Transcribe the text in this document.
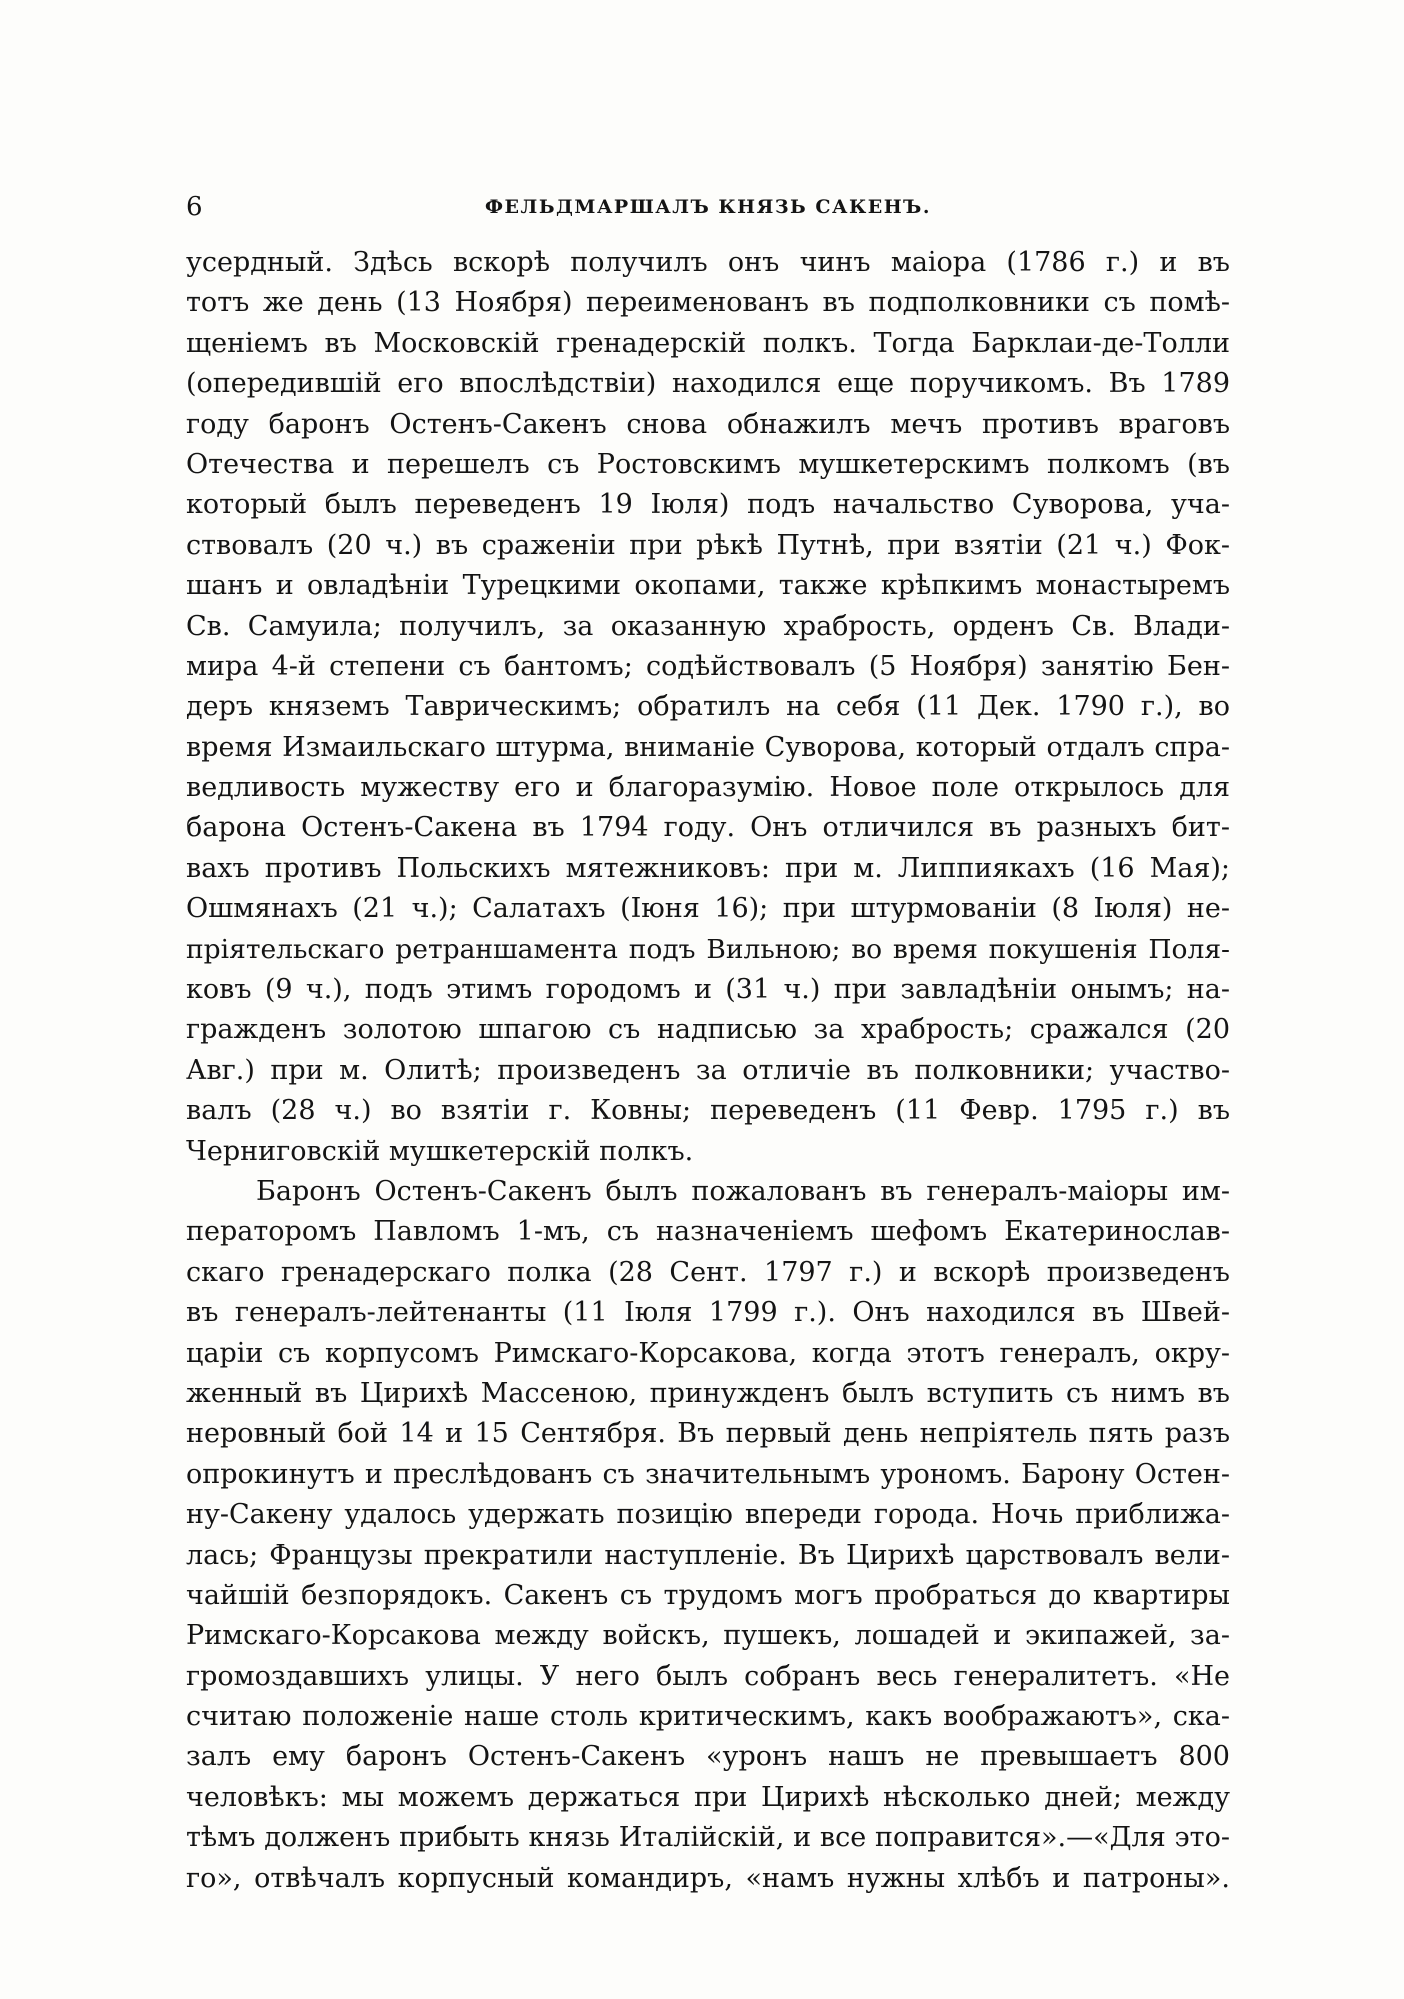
6	ФЕЛЬДМАРШАЛЪ КНЯЗЬ САКЕНЪ.
усердный. Здѣсь вскорѣ получилъ онъ чинъ маіора (1786 г.) и въ
тотъ же день (13 Ноября) переименованъ въ подполковники съ помѣ-
щеніемъ въ Московскій гренадерскій полкъ. Тогда Барклаи-де-Толли
(опередившій его впослѣдствіи) находился еще поручикомъ. Въ 1789
году баронъ Остенъ-Сакенъ снова обнажилъ мечъ противъ враговъ
Отечества и перешелъ съ Ростовскимъ мушкетерскимъ полкомъ (въ
который былъ переведенъ 19 Іюля) подъ начальство Суворова, уча-
ствовалъ (20 ч.) въ сраженіи при рѣкѣ Путнѣ, при взятіи (21 ч.) Фок-
шанъ и овладѣніи Турецкими окопами, также крѣпкимъ монастыремъ
Св. Самуила; получилъ, за оказанную храбрость, орденъ Св. Влади-
мира 4-й степени съ бантомъ; содѣйствовалъ (5 Ноября) занятію Бен-
деръ княземъ Таврическимъ; обратилъ на себя (11 Дек. 1790 г.), во
время Измаильскаго штурма, вниманіе Суворова, который отдалъ спра-
ведливость мужеству его и благоразумію. Новое поле открылось для
барона Остенъ-Сакена въ 1794 году. Онъ отличился въ разныхъ бит-
вахъ противъ Польскихъ мятежниковъ: при м. Липпиякахъ (16 Мая);
Ошмянахъ (21 ч.); Салатахъ (Іюня 16); при штурмованіи (8 Іюля) не-
пріятельскаго ретраншамента подъ Вильною; во время покушенія Поля-
ковъ (9 ч.), подъ этимъ городомъ и (31 ч.) при завладѣніи онымъ; на-
гражденъ золотою шпагою съ надписью за храбрость; сражался (20
Авг.) при м. Олитѣ; произведенъ за отличіе въ полковники; участво-
валъ (28 ч.) во взятіи г. Ковны; переведенъ (11 Февр. 1795 г.) въ
Черниговскій мушкетерскій полкъ.
Баронъ Остенъ-Сакенъ былъ пожалованъ въ генералъ-маіоры им-
ператоромъ Павломъ 1-мъ, съ назначеніемъ шефомъ Екатеринослав-
скаго гренадерскаго полка (28 Сент. 1797 г.) и вскорѣ произведенъ
въ генералъ-лейтенанты (11 Іюля 1799 г.). Онъ находился въ Швей-
царіи съ корпусомъ Римскаго-Корсакова, когда этотъ генералъ, окру-
женный въ Цирихѣ Массеною, принужденъ былъ вступить съ нимъ въ
неровный бой 14 и 15 Сентября. Въ первый день непріятель пять разъ
опрокинутъ и преслѣдованъ съ значительнымъ урономъ. Барону Остен-
ну-Сакену удалось удержать позицію впереди города. Ночь приближа-
лась; Французы прекратили наступленіе. Въ Цирихѣ царствовалъ вели-
чайшій безпорядокъ. Сакенъ съ трудомъ могъ пробраться до квартиры
Римскаго-Корсакова между войскъ, пушекъ, лошадей и экипажей, за-
громоздавшихъ улицы. У него былъ собранъ весь генералитетъ. «Не
считаю положеніе наше столь критическимъ, какъ воображаютъ», ска-
залъ ему баронъ Остенъ-Сакенъ «уронъ нашъ не превышаетъ 800
человѣкъ: мы можемъ держаться при Цирихѣ нѣсколько дней; между
тѣмъ долженъ прибыть князь Италійскій, и все поправится».—«Для это-
го», отвѣчалъ корпусный командиръ, «намъ нужны хлѣбъ и патроны».
